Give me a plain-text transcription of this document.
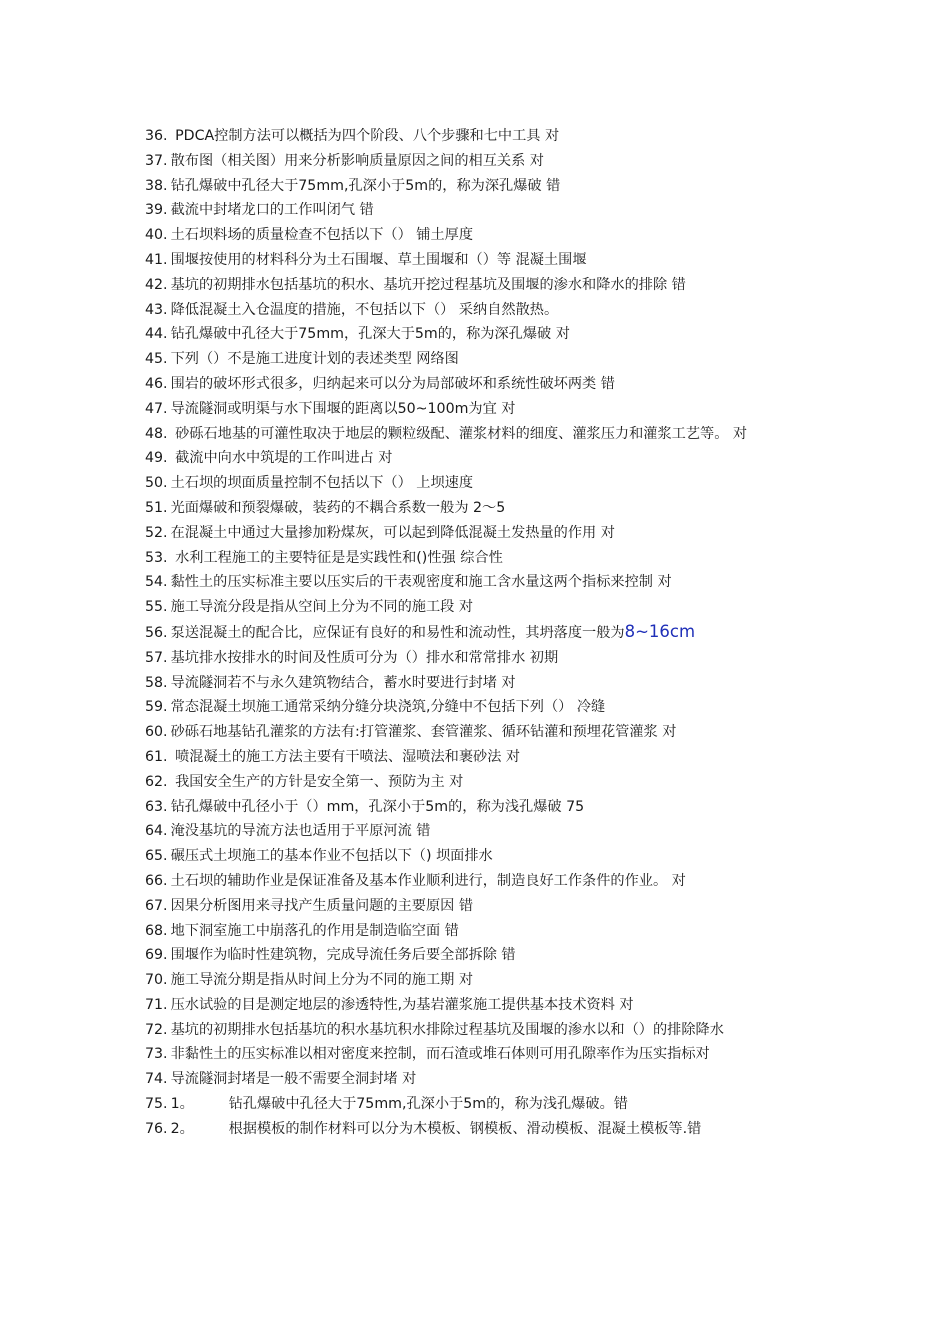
36. PDCA控制方法可以概括为四个阶段、八个步骤和七中工具 对
37. 散布图（相关图）用来分析影响质量原因之间的相互关系 对
38. 钻孔爆破中孔径大于75mm,孔深小于5m的，称为深孔爆破 错
39. 截流中封堵龙口的工作叫闭气 错
40. 土石坝料场的质量检查不包括以下（） 铺土厚度
41. 围堰按使用的材料科分为土石围堰、草土围堰和（）等 混凝土围堰
42. 基坑的初期排水包括基坑的积水、基坑开挖过程基坑及围堰的渗水和降水的排除 错
43. 降低混凝土入仓温度的措施，不包括以下（） 采纳自然散热。
44. 钻孔爆破中孔径大于75mm，孔深大于5m的，称为深孔爆破 对
45. 下列（）不是施工进度计划的表述类型 网络图
46. 围岩的破坏形式很多，归纳起来可以分为局部破坏和系统性破坏两类 错
47. 导流隧洞或明渠与水下围堰的距离以50~100m为宜 对
48. 砂砾石地基的可灌性取决于地层的颗粒级配、灌浆材料的细度、灌浆压力和灌浆工艺等。 对
49. 截流中向水中筑堤的工作叫进占 对
50. 土石坝的坝面质量控制不包括以下（） 上坝速度
51. 光面爆破和预裂爆破，装药的不耦合系数一般为 2～5
52. 在混凝土中通过大量掺加粉煤灰，可以起到降低混凝土发热量的作用 对
53. 水利工程施工的主要特征是是实践性和()性强 综合性
54. 黏性土的压实标准主要以压实后的干表观密度和施工含水量这两个指标来控制 对
55. 施工导流分段是指从空间上分为不同的施工段 对
56. 泵送混凝土的配合比，应保证有良好的和易性和流动性，其坍落度一般为8~16cm
57. 基坑排水按排水的时间及性质可分为（）排水和常常排水 初期
58. 导流隧洞若不与永久建筑物结合，蓄水时要进行封堵 对
59. 常态混凝土坝施工通常采纳分缝分块浇筑,分缝中不包括下列（） 冷缝
60. 砂砾石地基钻孔灌浆的方法有:打管灌浆、套管灌浆、循环钻灌和预埋花管灌浆 对
61. 喷混凝土的施工方法主要有干喷法、湿喷法和裹砂法 对
62. 我国安全生产的方针是安全第一、预防为主 对
63. 钻孔爆破中孔径小于（）mm，孔深小于5m的，称为浅孔爆破 75
64. 淹没基坑的导流方法也适用于平原河流 错
65. 碾压式土坝施工的基本作业不包括以下（) 坝面排水
66. 土石坝的辅助作业是保证准备及基本作业顺利进行，制造良好工作条件的作业。 对
67. 因果分析图用来寻找产生质量问题的主要原因 错
68. 地下洞室施工中崩落孔的作用是制造临空面 错
69. 围堰作为临时性建筑物，完成导流任务后要全部拆除 错
70. 施工导流分期是指从时间上分为不同的施工期 对
71. 压水试验的目是测定地层的渗透特性,为基岩灌浆施工提供基本技术资料 对
72. 基坑的初期排水包括基坑的积水基坑积水排除过程基坑及围堰的渗水以和（）的排除降水
73. 非黏性土的压实标准以相对密度来控制，而石渣或堆石体则可用孔隙率作为压实指标对
74. 导流隧洞封堵是一般不需要全洞封堵 对
75. 1。 钻孔爆破中孔径大于75mm,孔深小于5m的，称为浅孔爆破。错
76. 2。 根据模板的制作材料可以分为木模板、钢模板、滑动模板、混凝土模板等.错
